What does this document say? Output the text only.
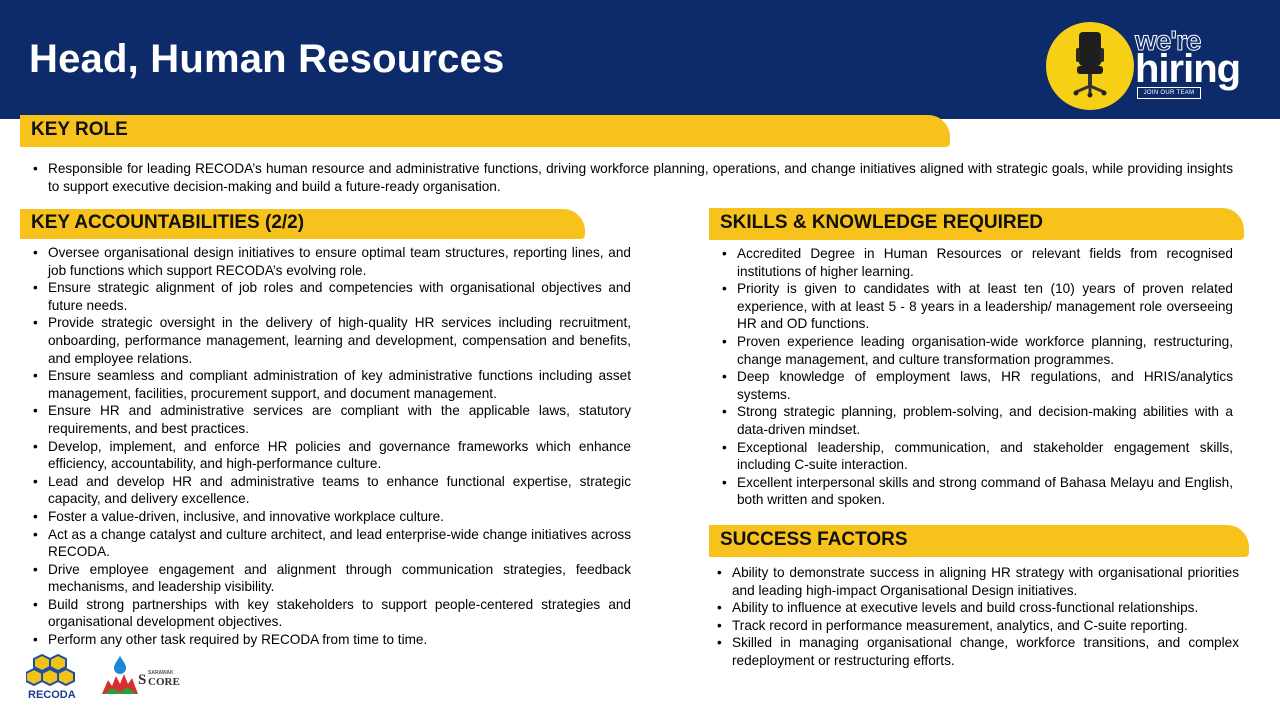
Head, Human Resources	we're
hiring
JOIN OUR TEAM
KEY ROLE
• Responsible for leading RECODA’s human resource and administrative functions, driving workforce planning, operations, and change initiatives aligned with strategic goals, while providing insights to support executive decision-making and build a future-ready organisation.
KEY ACCOUNTABILITIES (2/2)
• Oversee organisational design initiatives to ensure optimal team structures, reporting lines, and job functions which support RECODA’s evolving role.
• Ensure strategic alignment of job roles and competencies with organisational objectives and future needs.
• Provide strategic oversight in the delivery of high-quality HR services including recruitment, onboarding, performance management, learning and development, compensation and benefits, and employee relations.
• Ensure seamless and compliant administration of key administrative functions including asset management, facilities, procurement support, and document management.
• Ensure HR and administrative services are compliant with the applicable laws, statutory requirements, and best practices.
• Develop, implement, and enforce HR policies and governance frameworks which enhance efficiency, accountability, and high-performance culture.
• Lead and develop HR and administrative teams to enhance functional expertise, strategic capacity, and delivery excellence.
• Foster a value-driven, inclusive, and innovative workplace culture.
• Act as a change catalyst and culture architect, and lead enterprise-wide change initiatives across RECODA.
• Drive employee engagement and alignment through communication strategies, feedback mechanisms, and leadership visibility.
• Build strong partnerships with key stakeholders to support people-centered strategies and organisational development objectives.
• Perform any other task required by RECODA from time to time.
SKILLS & KNOWLEDGE REQUIRED
• Accredited Degree in Human Resources or relevant fields from recognised institutions of higher learning.
• Priority is given to candidates with at least ten (10) years of proven related experience, with at least 5 - 8 years in a leadership/ management role overseeing HR and OD functions.
• Proven experience leading organisation-wide workforce planning, restructuring, change management, and culture transformation programmes.
• Deep knowledge of employment laws, HR regulations, and HRIS/analytics systems.
• Strong strategic planning, problem-solving, and decision-making abilities with a data-driven mindset.
• Exceptional leadership, communication, and stakeholder engagement skills, including C-suite interaction.
• Excellent interpersonal skills and strong command of Bahasa Melayu and English, both written and spoken.
SUCCESS FACTORS
• Ability to demonstrate success in aligning HR strategy with organisational priorities and leading high-impact Organisational Design initiatives.
• Ability to influence at executive levels and build cross-functional relationships.
• Track record in performance measurement, analytics, and C-suite reporting.
• Skilled in managing organisational change, workforce transitions, and complex redeployment or restructuring efforts.
RECODA
S SARAWAK
CORE
